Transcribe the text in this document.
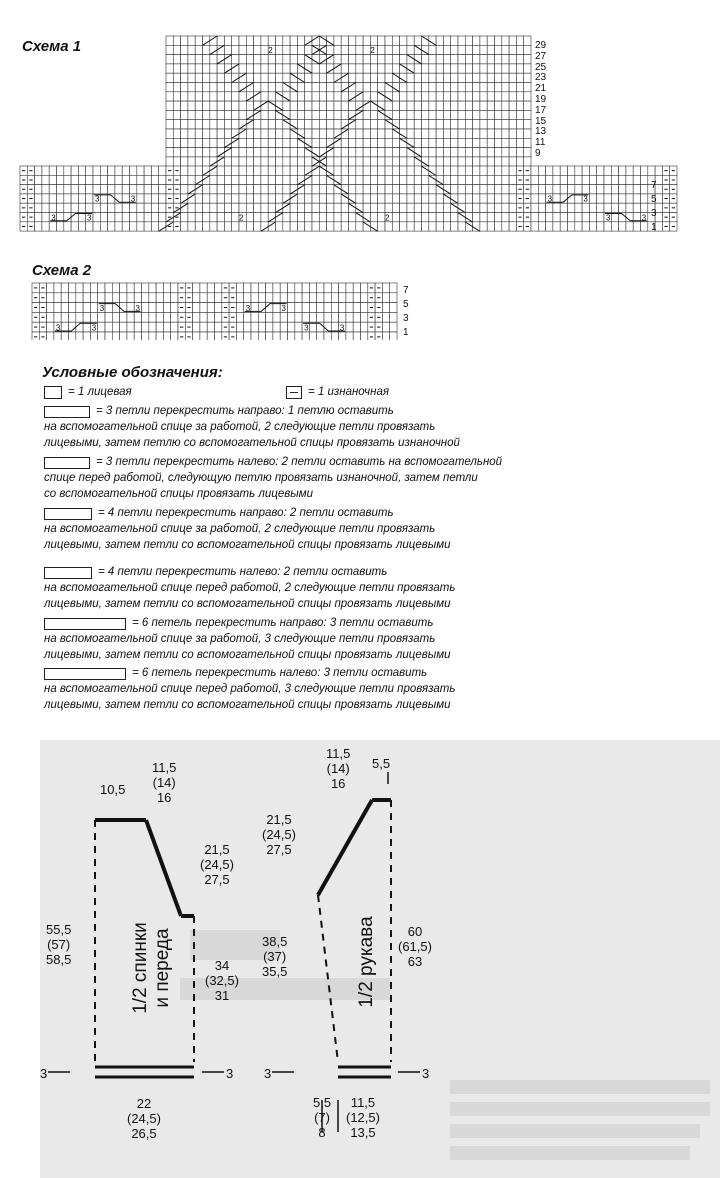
Схема 1
3	3
3	3	3	3
3	3
2	2
2	2
29
27
25
23
21
19
17
15
13
11
9
7
5
3
1
Схема 2
3	3
3	3	3	3
3	3
7
5
3
1
Условные обозначения:
= 1 лицевая	= 1 изнаночная
= 3 петли перекрестить направо: 1 петлю оставить
на вспомогательной спице за работой, 2 следующие петли провязать
лицевыми, затем петлю со вспомогательной спицы провязать изнаночной
= 3 петли перекрестить налево: 2 петли оставить на вспомогательной
спице перед работой, следующую петлю провязать изнаночной, затем петли
со вспомогательной спицы провязать лицевыми
= 4 петли перекрестить направо: 2 петли оставить
на вспомогательной спице за работой, 2 следующие петли провязать
лицевыми, затем петли со вспомогательной спицы провязать лицевыми
= 4 петли перекрестить налево: 2 петли оставить
на вспомогательной спице перед работой, 2 следующие петли провязать
лицевыми, затем петли со вспомогательной спицы провязать лицевыми
= 6 петель перекрестить направо: 3 петли оставить
на вспомогательной спице за работой, 3 следующие петли провязать
лицевыми, затем петли со вспомогательной спицы провязать лицевыми
= 6 петель перекрестить налево: 3 петли оставить
на вспомогательной спице перед работой, 3 следующие петли провязать
лицевыми, затем петли со вспомогательной спицы провязать лицевыми
10,5
11,5
(14)
16
21,5
(24,5)
27,5
55,5
(57)
58,5	34
(32,5)
31
22
(24,5)
26,5
3	3
1/2 спинки
и переда
11,5
(14)
16
5,5
21,5
(24,5)
27,5
38,5
(37)
35,5
60
(61,5)
63
5,5
(7)
8
11,5
(12,5)
13,5
3	3
1/2 рукава
